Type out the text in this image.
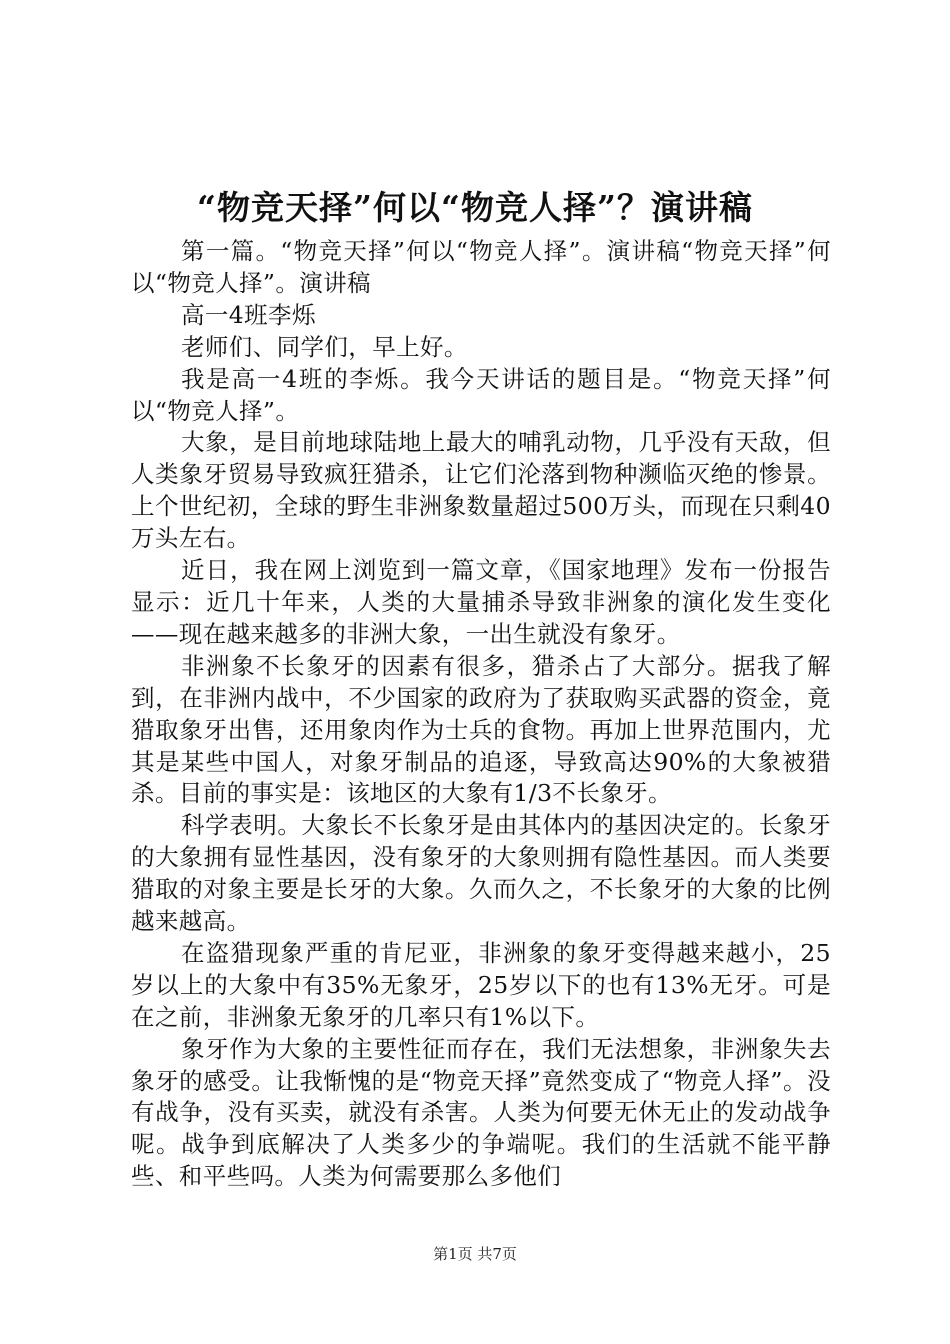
“物竞天择”何以“物竞人择”？演讲稿

第一篇。“物竞天择”何以“物竞人择”。演讲稿“物竞天择”何以“物竞人择”。演讲稿

高一4班李烁

老师们、同学们，早上好。

我是高一4班的李烁。我今天讲话的题目是。“物竞天择”何以“物竞人择”。

大象，是目前地球陆地上最大的哺乳动物，几乎没有天敌，但人类象牙贸易导致疯狂猎杀，让它们沦落到物种濒临灭绝的惨景。上个世纪初，全球的野生非洲象数量超过500万头，而现在只剩40万头左右。

近日，我在网上浏览到一篇文章，《国家地理》发布一份报告显示：近几十年来，人类的大量捕杀导致非洲象的演化发生变化——现在越来越多的非洲大象，一出生就没有象牙。

非洲象不长象牙的因素有很多，猎杀占了大部分。据我了解到，在非洲内战中，不少国家的政府为了获取购买武器的资金，竟猎取象牙出售，还用象肉作为士兵的食物。再加上世界范围内，尤其是某些中国人，对象牙制品的追逐，导致高达90%的大象被猎杀。目前的事实是：该地区的大象有1/3不长象牙。

科学表明。大象长不长象牙是由其体内的基因决定的。长象牙的大象拥有显性基因，没有象牙的大象则拥有隐性基因。而人类要猎取的对象主要是长牙的大象。久而久之，不长象牙的大象的比例越来越高。

在盗猎现象严重的肯尼亚，非洲象的象牙变得越来越小，25岁以上的大象中有35%无象牙，25岁以下的也有13%无牙。可是在之前，非洲象无象牙的几率只有1%以下。

象牙作为大象的主要性征而存在，我们无法想象，非洲象失去象牙的感受。让我惭愧的是“物竞天择”竟然变成了“物竞人择”。没有战争，没有买卖，就没有杀害。人类为何要无休无止的发动战争呢。战争到底解决了人类多少的争端呢。我们的生活就不能平静些、和平些吗。人类为何需要那么多他们

第1页 共7页
